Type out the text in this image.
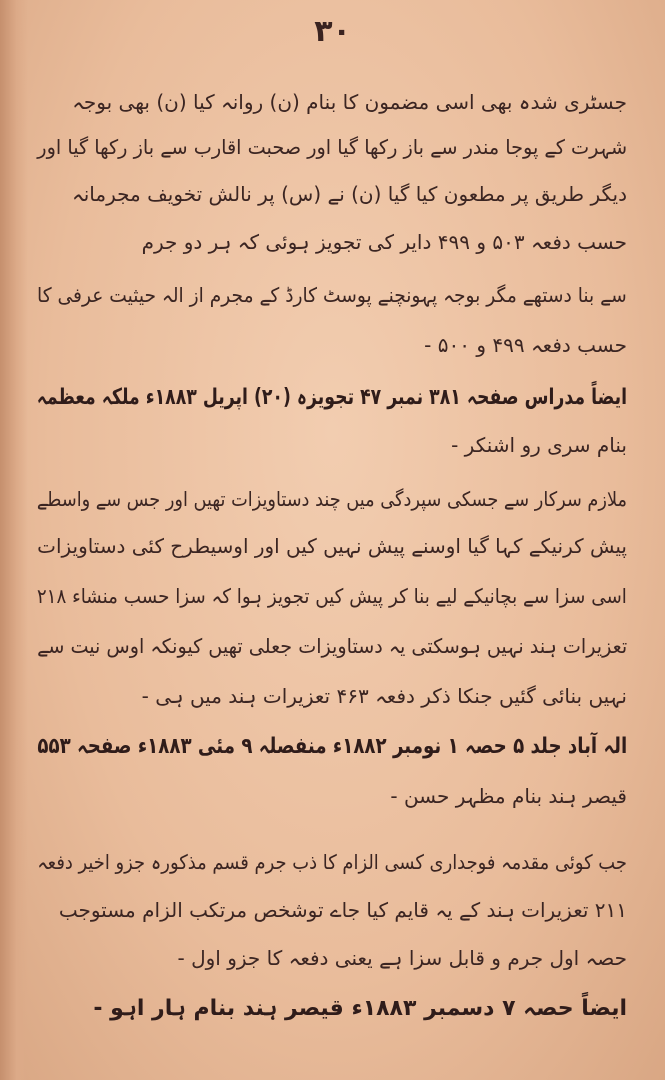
۳۰
جسٹری شدہ بھی اسی مضمون کا بنام (ن) روانہ کیا (ن) بھی بوجہ
شہرت کے پوجا مندر سے باز رکھا گیا اور صحبت اقارب سے باز رکھا گیا اور
دیگر طریق پر مطعون کیا گیا (ن) نے (س) پر نالش تخویف مجرمانہ
حسب دفعہ ۵۰۳ و ۴۹۹ دایر کی تجویز ہوئی کہ ہر دو جرم
سے بنا دستھے مگر بوجہ پہونچنے پوسٹ کارڈ کے مجرم از الہ حیثیت عرفی کا
حسب دفعہ ۴۹۹ و ۵۰۰ -
ایضاً مدراس صفحہ ۳۸۱ نمبر ۴۷ تجویزہ (۲۰) اپریل ۱۸۸۳ء ملکہ معظمہ
بنام سری رو اشنکر -
ملازم سرکار سے جسکی سپردگی میں چند دستاویزات تھیں اور جس سے واسطے
پیش کرنیکے کہا گیا اوسنے پیش نہیں کیں اور اوسیطرح کئی دستاویزات
اسی سزا سے بچانیکے لیے بنا کر پیش کیں تجویز ہوا کہ سزا حسب منشاء ۲۱۸
تعزیرات ہند نہیں ہوسکتی یہ دستاویزات جعلی تھیں کیونکہ اوس نیت سے
نہیں بنائی گئیں جنکا ذکر دفعہ ۴۶۳ تعزیرات ہند میں ہی -
الہ آباد جلد ۵ حصہ ۱ نومبر ۱۸۸۲ء منفصلہ ۹ مئی ۱۸۸۳ء صفحہ ۵۵۳
قیصر ہند بنام مظہر حسن -
جب کوئی مقدمہ فوجداری کسی الزام کا ذب جرم قسم مذکورہ جزو اخیر دفعہ
۲۱۱ تعزیرات ہند کے یہ قایم کیا جاے توشخص مرتکب الزام مستوجب
حصہ اول جرم و قابل سزا ہے یعنی دفعہ کا جزو اول -
ایضاً حصہ ۷ دسمبر ۱۸۸۳ء قیصر ہند بنام ہار اہو -
